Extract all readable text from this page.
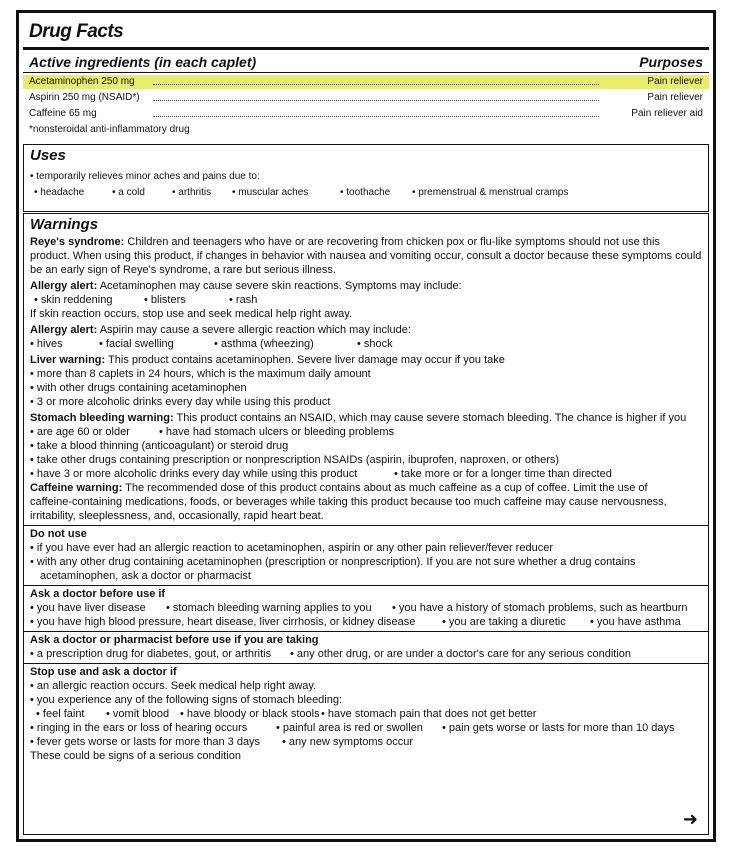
Drug Facts
Active ingredients (in each caplet)	Purposes
Acetaminophen 250 mg	Pain reliever
Aspirin 250 mg (NSAID*)	Pain reliever
Caffeine 65 mg	Pain reliever aid
*nonsteroidal anti-inflammatory drug
Uses
• temporarily relieves minor aches and pains due to:
• headache	• a cold	• arthritis • muscular aches	• toothache • premenstrual & menstrual cramps
Warnings
Reye's syndrome: Children and teenagers who have or are recovering from chicken pox or flu-like symptoms should not use this
product. When using this product, if changes in behavior with nausea and vomiting occur, consult a doctor because these symptoms could
be an early sign of Reye's syndrome, a rare but serious illness.
Allergy alert: Acetaminophen may cause severe skin reactions. Symptoms may include:
• skin reddening	• blisters	• rash
If skin reaction occurs, stop use and seek medical help right away.
Allergy alert: Aspirin may cause a severe allergic reaction which may include:
• hives	• facial swelling	• asthma (wheezing)	• shock
Liver warning: This product contains acetaminophen. Severe liver damage may occur if you take
• more than 8 caplets in 24 hours, which is the maximum daily amount
• with other drugs containing acetaminophen
• 3 or more alcoholic drinks every day while using this product
Stomach bleeding warning: This product contains an NSAID, which may cause severe stomach bleeding. The chance is higher if you
• are age 60 or older	• have had stomach ulcers or bleeding problems
• take a blood thinning (anticoagulant) or steroid drug
• take other drugs containing prescription or nonprescription NSAIDs (aspirin, ibuprofen, naproxen, or others)
• have 3 or more alcoholic drinks every day while using this product	• take more or for a longer time than directed
Caffeine warning: The recommended dose of this product contains about as much caffeine as a cup of coffee. Limit the use of
caffeine-containing medications, foods, or beverages while taking this product because too much caffeine may cause nervousness,
irritability, sleeplessness, and, occasionally, rapid heart beat.
Do not use
• if you have ever had an allergic reaction to acetaminophen, aspirin or any other pain reliever/fever reducer
• with any other drug containing acetaminophen (prescription or nonprescription). If you are not sure whether a drug contains
acetaminophen, ask a doctor or pharmacist
Ask a doctor before use if
• you have liver disease • stomach bleeding warning applies to you • you have a history of stomach problems, such as heartburn
• you have high blood pressure, heart disease, liver cirrhosis, or kidney disease • you are taking a diuretic • you have asthma
Ask a doctor or pharmacist before use if you are taking
• a prescription drug for diabetes, gout, or arthritis • any other drug, or are under a doctor's care for any serious condition
Stop use and ask a doctor if
• an allergic reaction occurs. Seek medical help right away.
• you experience any of the following signs of stomach bleeding:
• feel faint • vomit blood • have bloody or black stools • have stomach pain that does not get better
• ringing in the ears or loss of hearing occurs	• painful area is red or swollen • pain gets worse or lasts for more than 10 days
• fever gets worse or lasts for more than 3 days • any new symptoms occur
These could be signs of a serious condition
➜
